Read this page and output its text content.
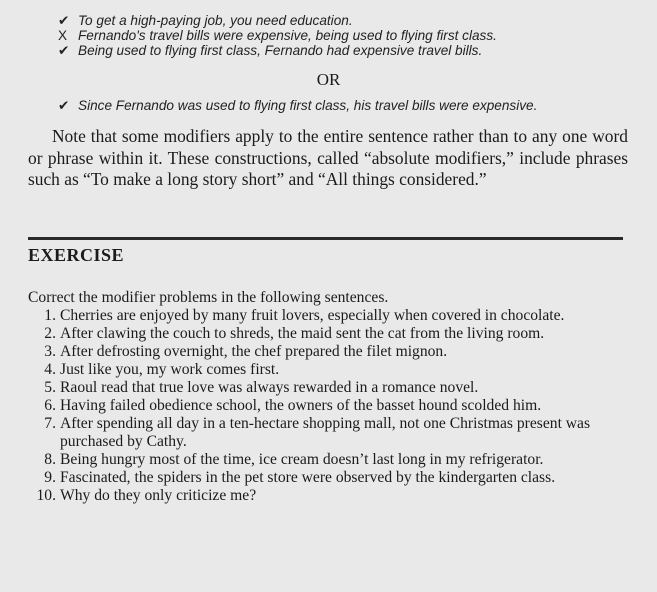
✔ To get a high-paying job, you need education.
X Fernando's travel bills were expensive, being used to flying first class.
✔ Being used to flying first class, Fernando had expensive travel bills.
OR
✔ Since Fernando was used to flying first class, his travel bills were expensive.
Note that some modifiers apply to the entire sentence rather than to any one word or phrase within it. These constructions, called “absolute modifiers,” include phrases such as “To make a long story short” and “All things considered.”
EXERCISE
Correct the modifier problems in the following sentences.
1. Cherries are enjoyed by many fruit lovers, especially when covered in chocolate.
2. After clawing the couch to shreds, the maid sent the cat from the living room.
3. After defrosting overnight, the chef prepared the filet mignon.
4. Just like you, my work comes first.
5. Raoul read that true love was always rewarded in a romance novel.
6. Having failed obedience school, the owners of the basset hound scolded him.
7. After spending all day in a ten-hectare shopping mall, not one Christmas present was purchased by Cathy.
8. Being hungry most of the time, ice cream doesn’t last long in my refrigerator.
9. Fascinated, the spiders in the pet store were observed by the kindergarten class.
10. Why do they only criticize me?
